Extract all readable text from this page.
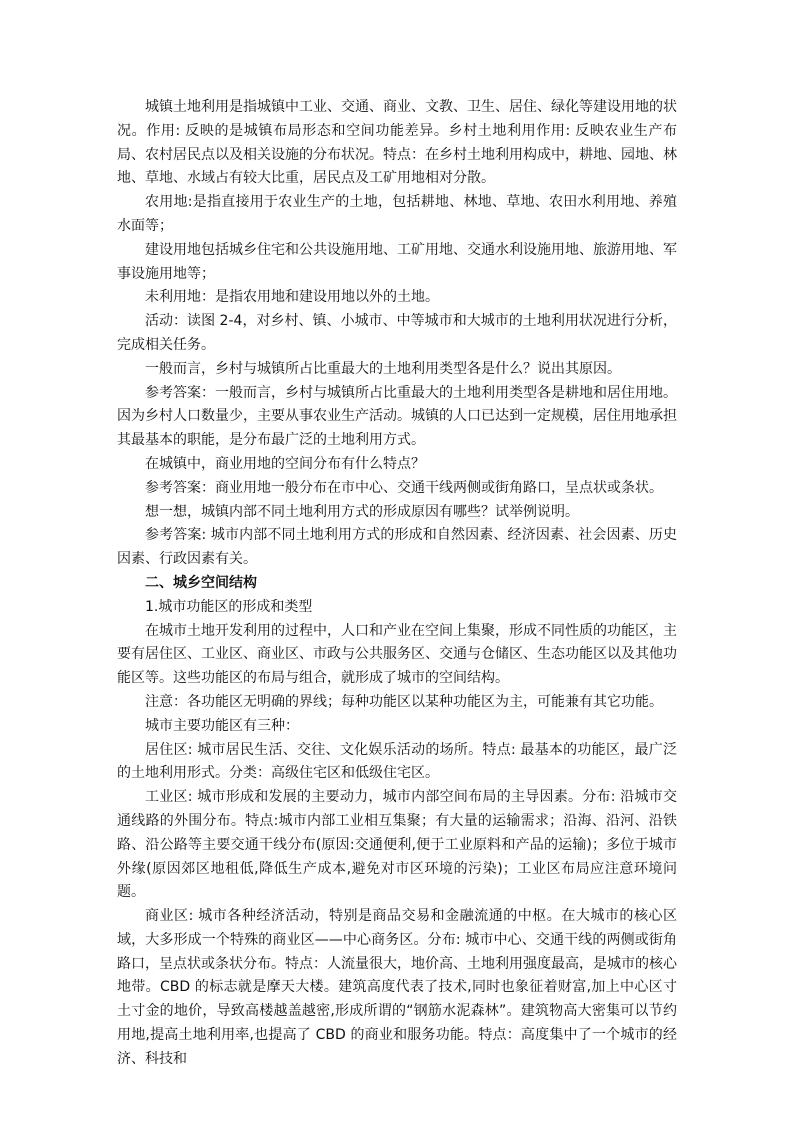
城镇土地利用是指城镇中工业、交通、商业、文教、卫生、居住、绿化等建设用地的状况。作用: 反映的是城镇布局形态和空间功能差异。乡村土地利用作用: 反映农业生产布局、农村居民点以及相关设施的分布状况。特点：在乡村土地利用构成中，耕地、园地、林地、草地、水域占有较大比重，居民点及工矿用地相对分散。

农用地:是指直接用于农业生产的土地，包括耕地、林地、草地、农田水利用地、养殖水面等；

建设用地包括城乡住宅和公共设施用地、工矿用地、交通水利设施用地、旅游用地、军事设施用地等；

未利用地：是指农用地和建设用地以外的土地。

活动：读图 2-4，对乡村、镇、小城市、中等城市和大城市的土地利用状况进行分析，完成相关任务。

一般而言，乡村与城镇所占比重最大的土地利用类型各是什么？说出其原因。

参考答案：一般而言，乡村与城镇所占比重最大的土地利用类型各是耕地和居住用地。因为乡村人口数量少，主要从事农业生产活动。城镇的人口已达到一定规模，居住用地承担其最基本的职能，是分布最广泛的土地利用方式。

在城镇中，商业用地的空间分布有什么特点？

参考答案：商业用地一般分布在市中心、交通干线两侧或街角路口，呈点状或条状。

想一想，城镇内部不同土地利用方式的形成原因有哪些？试举例说明。

参考答案: 城市内部不同土地利用方式的形成和自然因素、经济因素、社会因素、历史因素、行政因素有关。

二、城乡空间结构

1.城市功能区的形成和类型

在城市土地开发利用的过程中，人口和产业在空间上集聚，形成不同性质的功能区，主要有居住区、工业区、商业区、市政与公共服务区、交通与仓储区、生态功能区以及其他功能区等。这些功能区的布局与组合，就形成了城市的空间结构。

注意：各功能区无明确的界线；每种功能区以某种功能区为主，可能兼有其它功能。

城市主要功能区有三种：

居住区: 城市居民生活、交往、文化娱乐活动的场所。特点: 最基本的功能区，最广泛的土地利用形式。分类：高级住宅区和低级住宅区。

工业区: 城市形成和发展的主要动力，城市内部空间布局的主导因素。分布: 沿城市交通线路的外围分布。特点:城市内部工业相互集聚；有大量的运输需求；沿海、沿河、沿铁路、沿公路等主要交通干线分布(原因:交通便利,便于工业原料和产品的运输)；多位于城市外缘(原因郊区地租低,降低生产成本,避免对市区环境的污染)；工业区布局应注意环境问题。

商业区: 城市各种经济活动，特别是商品交易和金融流通的中枢。在大城市的核心区域，大多形成一个特殊的商业区——中心商务区。分布: 城市中心、交通干线的两侧或街角路口，呈点状或条状分布。特点：人流量很大，地价高、土地利用强度最高，是城市的核心地带。CBD 的标志就是摩天大楼。建筑高度代表了技术,同时也象征着财富,加上中心区寸土寸金的地价，导致高楼越盖越密,形成所谓的“钢筋水泥森林”。建筑物高大密集可以节约用地,提高土地利用率,也提高了 CBD 的商业和服务功能。特点：高度集中了一个城市的经济、科技和
